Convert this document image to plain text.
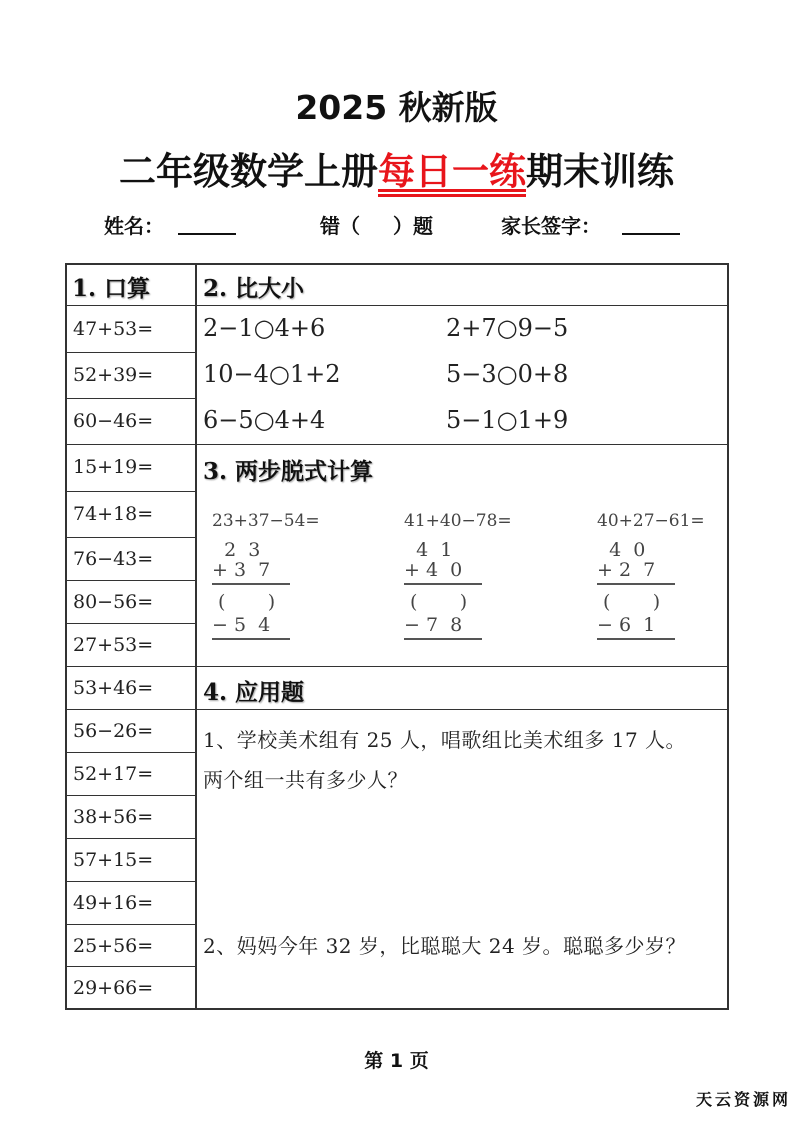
2025 秋新版
二年级数学上册每日一练期末训练
姓名：	错（ ）题	家长签字：
1. 口算
47+53=
52+39=
60−46=
15+19=
74+18=
76−43=
80−56=
27+53=
53+46=
56−26=
52+17=
38+56=
57+15=
49+16=
25+56=
29+66=
2. 比大小
2−1○4+6	2+7○9−5
10−4○1+2	5−3○0+8
6−5○4+4	5−1○1+9
3. 两步脱式计算
23+37−54=
2  3
+ 3  7
(       )
− 5  4
41+40−78=
4  1
+ 4  0
(       )
− 7  8
40+27−61=
4  0
+ 2  7
(       )
− 6  1
4. 应用题
1、学校美术组有 25 人，唱歌组比美术组多 17 人。
两个组一共有多少人？
2、妈妈今年 32 岁，比聪聪大 24 岁。聪聪多少岁？
第 1 页
天云资源网
